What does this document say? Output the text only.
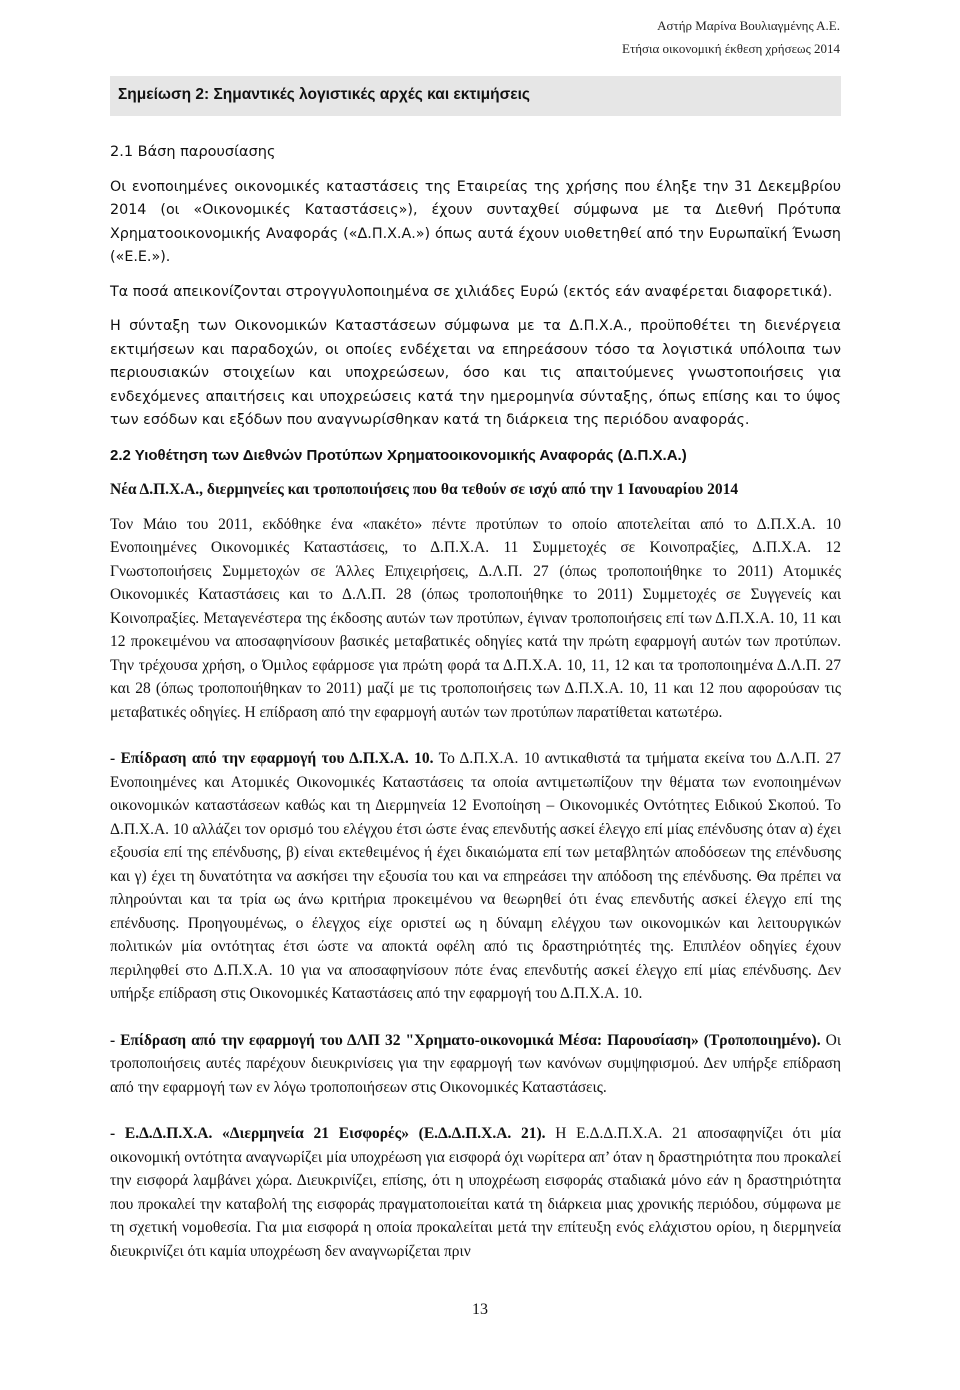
Αστήρ Μαρίνα Βουλιαγμένης Α.Ε.
Ετήσια οικονομική έκθεση χρήσεως 2014
Σημείωση 2: Σημαντικές λογιστικές αρχές και εκτιμήσεις
2.1 Βάση παρουσίασης

Οι ενοποιημένες οικονομικές καταστάσεις της Εταιρείας της χρήσης που έληξε την 31 Δεκεμβρίου 2014 (οι «Οικονομικές Καταστάσεις»), έχουν συνταχθεί σύμφωνα με τα Διεθνή Πρότυπα Χρηματοοικονομικής Αναφοράς («Δ.Π.Χ.Α.») όπως αυτά έχουν υιοθετηθεί από την Ευρωπαϊκή Ένωση («Ε.Ε.»).

Τα ποσά απεικονίζονται στρογγυλοποιημένα σε χιλιάδες Ευρώ (εκτός εάν αναφέρεται διαφορετικά).

Η σύνταξη των Οικονομικών Καταστάσεων σύμφωνα με τα Δ.Π.Χ.Α., προϋποθέτει τη διενέργεια εκτιμήσεων και παραδοχών, οι οποίες ενδέχεται να επηρεάσουν τόσο τα λογιστικά υπόλοιπα των περιουσιακών στοιχείων και υποχρεώσεων, όσο και τις απαιτούμενες γνωστοποιήσεις για ενδεχόμενες απαιτήσεις και υποχρεώσεις κατά την ημερομηνία σύνταξης, όπως επίσης και το ύψος των εσόδων και εξόδων που αναγνωρίσθηκαν κατά τη διάρκεια της περιόδου αναφοράς.

2.2 Υιοθέτηση των Διεθνών Προτύπων Χρηματοοικονομικής Αναφοράς (Δ.Π.Χ.Α.)
Νέα Δ.Π.Χ.Α., διερμηνείες και τροποποιήσεις που θα τεθούν σε ισχύ από την 1 Ιανουαρίου 2014

Τον Μάιο του 2011, εκδόθηκε ένα «πακέτο» πέντε προτύπων το οποίο αποτελείται από το Δ.Π.Χ.Α. 10 Ενοποιημένες Οικονομικές Καταστάσεις, το Δ.Π.Χ.Α. 11 Συμμετοχές σε Κοινοπραξίες, Δ.Π.Χ.Α. 12 Γνωστοποιήσεις Συμμετοχών σε Άλλες Επιχειρήσεις, Δ.Λ.Π. 27 (όπως τροποποιήθηκε το 2011) Ατομικές Οικονομικές Καταστάσεις και το Δ.Λ.Π. 28 (όπως τροποποιήθηκε το 2011) Συμμετοχές σε Συγγενείς και Κοινοπραξίες. Μεταγενέστερα της έκδοσης αυτών των προτύπων, έγιναν τροποποιήσεις επί των Δ.Π.Χ.Α. 10, 11 και 12 προκειμένου να αποσαφηνίσουν βασικές μεταβατικές οδηγίες κατά την πρώτη εφαρμογή αυτών των προτύπων. Την τρέχουσα χρήση, ο Όμιλος εφάρμοσε για πρώτη φορά τα Δ.Π.Χ.Α. 10, 11, 12 και τα τροποποιημένα Δ.Λ.Π. 27 και 28 (όπως τροποποιήθηκαν το 2011) μαζί με τις τροποποιήσεις των Δ.Π.Χ.Α. 10, 11 και 12 που αφορούσαν τις μεταβατικές οδηγίες. Η επίδραση από την εφαρμογή αυτών των προτύπων παρατίθεται κατωτέρω.

- Επίδραση από την εφαρμογή του Δ.Π.Χ.Α. 10. Το Δ.Π.Χ.Α. 10 αντικαθιστά τα τμήματα εκείνα του Δ.Λ.Π. 27 Ενοποιημένες και Ατομικές Οικονομικές Καταστάσεις τα οποία αντιμετωπίζουν την θέματα των ενοποιημένων οικονομικών καταστάσεων καθώς και τη Διερμηνεία 12 Ενοποίηση – Οικονομικές Οντότητες Ειδικού Σκοπού. Το Δ.Π.Χ.Α. 10 αλλάζει τον ορισμό του ελέγχου έτσι ώστε ένας επενδυτής ασκεί έλεγχο επί μίας επένδυσης όταν α) έχει εξουσία επί της επένδυσης, β) είναι εκτεθειμένος ή έχει δικαιώματα επί των μεταβλητών αποδόσεων της επένδυσης και γ) έχει τη δυνατότητα να ασκήσει την εξουσία του και να επηρεάσει την απόδοση της επένδυσης. Θα πρέπει να πληρούνται και τα τρία ως άνω κριτήρια προκειμένου να θεωρηθεί ότι ένας επενδυτής ασκεί έλεγχο επί της επένδυσης. Προηγουμένως, ο έλεγχος είχε οριστεί ως η δύναμη ελέγχου των οικονομικών και λειτουργικών πολιτικών μία οντότητας έτσι ώστε να αποκτά οφέλη από τις δραστηριότητές της. Επιπλέον οδηγίες έχουν περιληφθεί στο Δ.Π.Χ.Α. 10 για να αποσαφηνίσουν πότε ένας επενδυτής ασκεί έλεγχο επί μίας επένδυσης. Δεν υπήρξε επίδραση στις Οικονομικές Καταστάσεις από την εφαρμογή του Δ.Π.Χ.Α. 10.

- Επίδραση από την εφαρμογή του ΔΛΠ 32 "Χρηματο-οικονομικά Μέσα: Παρουσίαση» (Τροποποιημένο). Οι τροποποιήσεις αυτές παρέχουν διευκρινίσεις για την εφαρμογή των κανόνων συμψηφισμού. Δεν υπήρξε επίδραση από την εφαρμογή των εν λόγω τροποποιήσεων στις Οικονομικές Καταστάσεις.

- Ε.Δ.Δ.Π.Χ.Α. «Διερμηνεία 21 Εισφορές» (Ε.Δ.Δ.Π.Χ.Α. 21). Η Ε.Δ.Δ.Π.Χ.Α. 21 αποσαφηνίζει ότι μία οικονομική οντότητα αναγνωρίζει μία υποχρέωση για εισφορά όχι νωρίτερα απ’ όταν η δραστηριότητα που προκαλεί την εισφορά λαμβάνει χώρα. Διευκρινίζει, επίσης, ότι η υποχρέωση εισφοράς σταδιακά μόνο εάν η δραστηριότητα που προκαλεί την καταβολή της εισφοράς πραγματοποιείται κατά τη διάρκεια μιας χρονικής περιόδου, σύμφωνα με τη σχετική νομοθεσία. Για μια εισφορά η οποία προκαλείται μετά την επίτευξη ενός ελάχιστου ορίου, η διερμηνεία διευκρινίζει ότι καμία υποχρέωση δεν αναγνωρίζεται πριν

13
